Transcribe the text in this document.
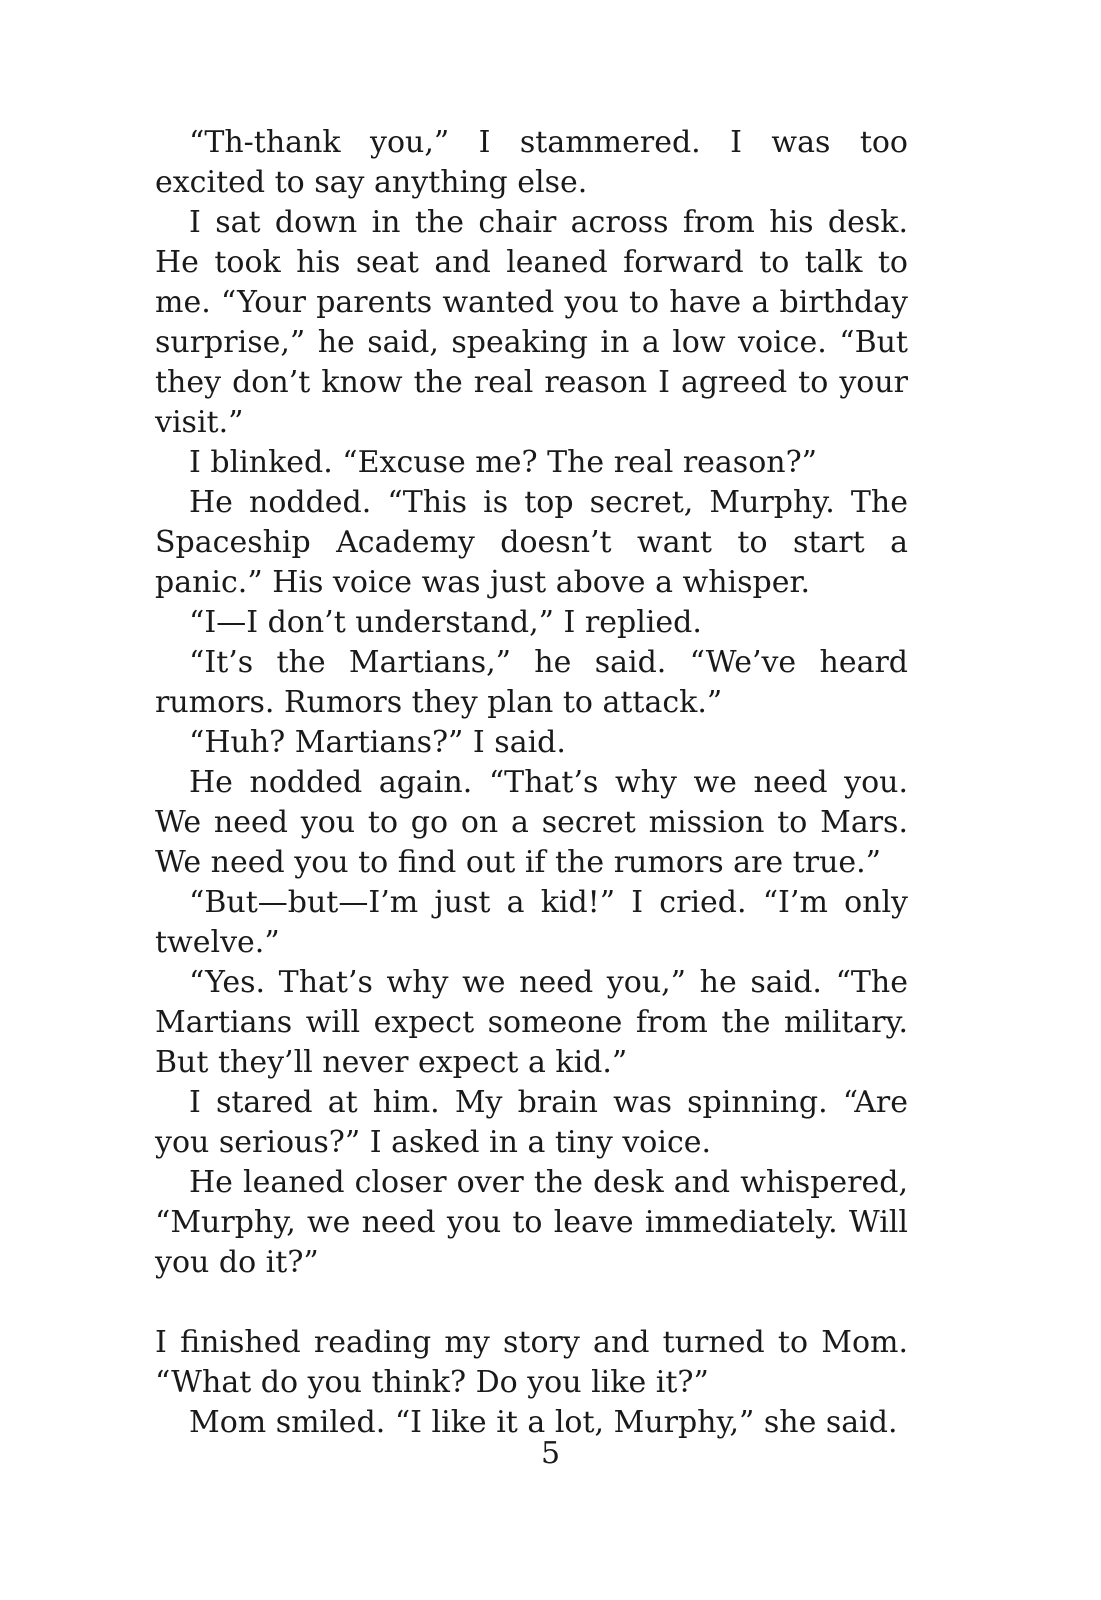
“Th-thank you,” I stammered. I was too excited to say anything else.

I sat down in the chair across from his desk. He took his seat and leaned forward to talk to me. “Your parents wanted you to have a birthday surprise,” he said, speaking in a low voice. “But they don’t know the real reason I agreed to your visit.”

I blinked. “Excuse me? The real reason?”

He nodded. “This is top secret, Murphy. The Spaceship Academy doesn’t want to start a panic.” His voice was just above a whisper.

“I—I don’t understand,” I replied.

“It’s the Martians,” he said. “We’ve heard rumors. Rumors they plan to attack.”

“Huh? Martians?” I said.

He nodded again. “That’s why we need you. We need you to go on a secret mission to Mars. We need you to find out if the rumors are true.”

“But—but—I’m just a kid!” I cried. “I’m only twelve.”

“Yes. That’s why we need you,” he said. “The Martians will expect someone from the military. But they’ll never expect a kid.”

I stared at him. My brain was spinning. “Are you serious?” I asked in a tiny voice.

He leaned closer over the desk and whispered, “Murphy, we need you to leave immediately. Will you do it?”

I finished reading my story and turned to Mom. “What do you think? Do you like it?”

Mom smiled. “I like it a lot, Murphy,” she said.

5
